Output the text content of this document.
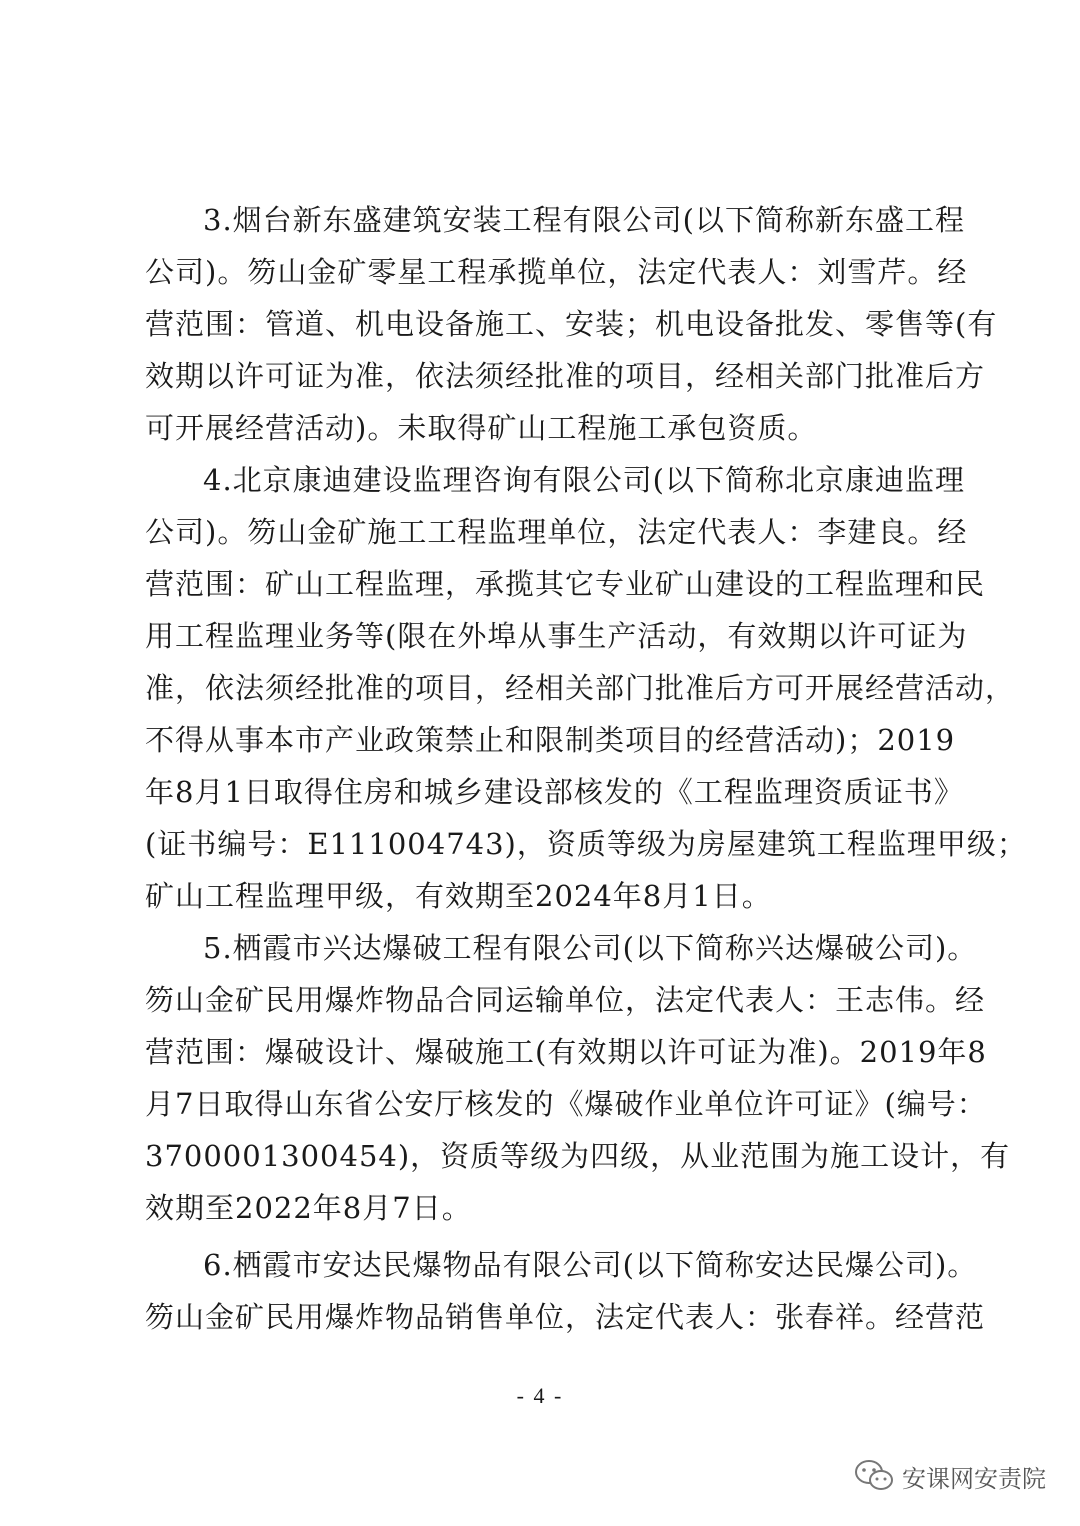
3.烟台新东盛建筑安装工程有限公司(以下简称新东盛工程
公司)。笏山金矿零星工程承揽单位，法定代表人：刘雪芹。经
营范围：管道、机电设备施工、安装；机电设备批发、零售等(有
效期以许可证为准，依法须经批准的项目，经相关部门批准后方
可开展经营活动)。未取得矿山工程施工承包资质。
4.北京康迪建设监理咨询有限公司(以下简称北京康迪监理
公司)。笏山金矿施工工程监理单位，法定代表人：李建良。经
营范围：矿山工程监理，承揽其它专业矿山建设的工程监理和民
用工程监理业务等(限在外埠从事生产活动，有效期以许可证为
准，依法须经批准的项目，经相关部门批准后方可开展经营活动，
不得从事本市产业政策禁止和限制类项目的经营活动)；2019
年8月1日取得住房和城乡建设部核发的《工程监理资质证书》
(证书编号：E111004743)，资质等级为房屋建筑工程监理甲级；
矿山工程监理甲级，有效期至2024年8月1日。
5.栖霞市兴达爆破工程有限公司(以下简称兴达爆破公司)。
笏山金矿民用爆炸物品合同运输单位，法定代表人：王志伟。经
营范围：爆破设计、爆破施工(有效期以许可证为准)。2019年8
月7日取得山东省公安厅核发的《爆破作业单位许可证》(编号：
3700001300454)，资质等级为四级，从业范围为施工设计，有
效期至2022年8月7日。
6.栖霞市安达民爆物品有限公司(以下简称安达民爆公司)。
笏山金矿民用爆炸物品销售单位，法定代表人：张春祥。经营范
- 4 -
安课网安责院
